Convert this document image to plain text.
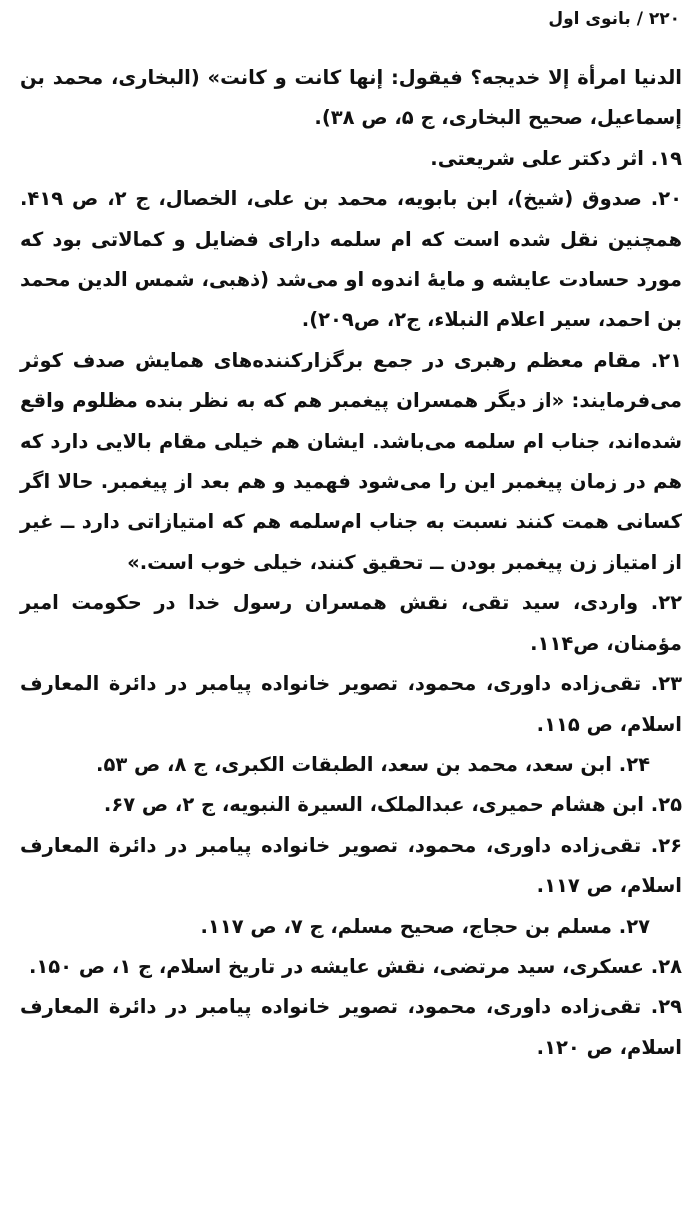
۲۲۰ / بانوی اول

الدنیا امرأة إلا خدیجه؟ فیقول: إنها کانت و کانت» (البخاری، محمد بن إسماعیل، صحیح البخاری، ج ۵، ص ۳۸).

۱۹. اثر دکتر علی شریعتی.

۲۰. صدوق (شیخ)، ابن بابویه، محمد بن علی، الخصال، ج ۲، ص ۴۱۹. همچنین نقل شده است که ام سلمه دارای فضایل و کمالاتی بود که مورد حسادت عایشه و مایهٔ اندوه او می‌شد (ذهبی، شمس الدین محمد بن احمد، سیر اعلام النبلاء، ج۲، ص۲۰۹).

۲۱. مقام معظم رهبری در جمع برگزارکننده‌های همایش صدف کوثر می‌فرمایند: «از دیگر همسران پیغمبر هم که به نظر بنده مظلوم واقع شده‌اند، جناب ام سلمه می‌باشد. ایشان هم خیلی مقام بالایی دارد که هم در زمان پیغمبر این را می‌شود فهمید و هم بعد از پیغمبر. حالا اگر کسانی همت کنند نسبت به جناب ام‌سلمه هم که امتیازاتی دارد ــ غیر از امتیاز زن پیغمبر بودن ــ تحقیق کنند، خیلی خوب است.»

۲۲. واردی، سید تقی، نقش همسران رسول خدا در حکومت امیر مؤمنان، ص۱۱۴.

۲۳. تقی‌زاده داوری، محمود، تصویر خانواده پیامبر در دائرة المعارف اسلام، ص ۱۱۵.

۲۴. ابن سعد، محمد بن سعد، الطبقات الکبری، ج ۸، ص ۵۳.

۲۵. ابن هشام حمیری، عبدالملک، السیرة النبویه، ج ۲، ص ۶۷.

۲۶. تقی‌زاده داوری، محمود، تصویر خانواده پیامبر در دائرة المعارف اسلام، ص ۱۱۷.

۲۷. مسلم بن حجاج، صحیح مسلم، ج ۷، ص ۱۱۷.

۲۸. عسکری، سید مرتضی، نقش عایشه در تاریخ اسلام، ج ۱، ص ۱۵۰.

۲۹. تقی‌زاده داوری، محمود، تصویر خانواده پیامبر در دائرة المعارف اسلام، ص ۱۲۰.
